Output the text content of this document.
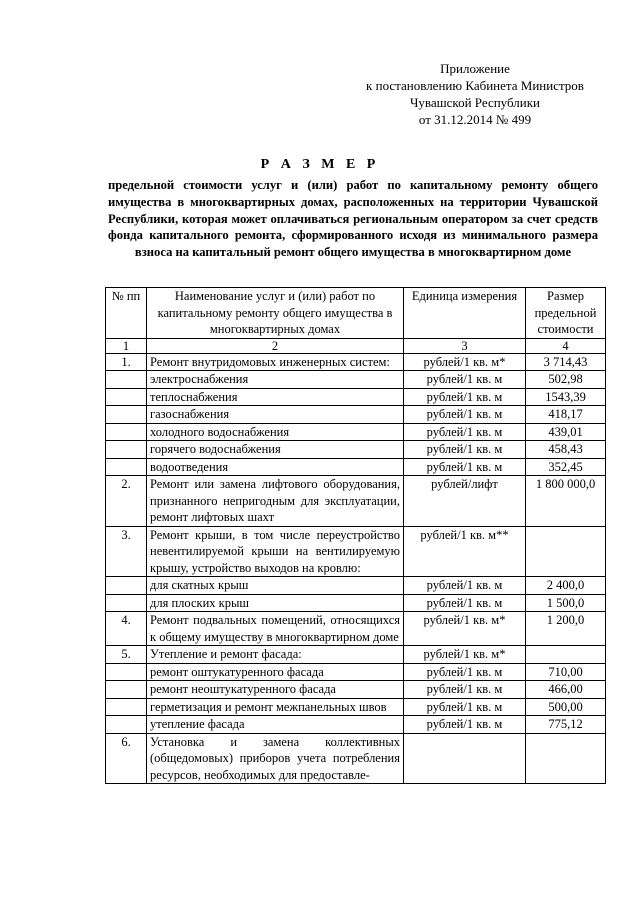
Приложение
к постановлению Кабинета Министров
Чувашской Республики
от 31.12.2014 № 499
Р А З М Е Р
предельной стоимости услуг и (или) работ по капитальному ремонту общего имущества в многоквартирных домах, расположенных на территории Чувашской Республики, которая может оплачиваться региональным оператором за счет средств фонда капитального ремонта, сформированного исходя из минимального размера взноса на капитальный ремонт общего имущества в многоквартирном доме
№ пп	Наименование услуг и (или) работ по капитальному ремонту общего имущества в многоквартирных домах	Единица измерения	Размер предельной стоимости
1	2	3	4
1.	Ремонт внутридомовых инженерных систем:	рублей/1 кв. м*	3 714,43
	электроснабжения	рублей/1 кв. м	502,98
	теплоснабжения	рублей/1 кв. м	1543,39
	газоснабжения	рублей/1 кв. м	418,17
	холодного водоснабжения	рублей/1 кв. м	439,01
	горячего водоснабжения	рублей/1 кв. м	458,43
	водоотведения	рублей/1 кв. м	352,45
2.	Ремонт или замена лифтового оборудования, признанного непригодным для эксплуатации, ремонт лифтовых шахт	рублей/лифт	1 800 000,0
3.	Ремонт крыши, в том числе переустройство невентилируемой крыши на вентилируемую крышу, устройство выходов на кровлю:	рублей/1 кв. м**	
	для скатных крыш	рублей/1 кв. м	2 400,0
	для плоских крыш	рублей/1 кв. м	1 500,0
4.	Ремонт подвальных помещений, относящихся к общему имуществу в многоквартирном доме	рублей/1 кв. м*	1 200,0
5.	Утепление и ремонт фасада:	рублей/1 кв. м*	
	ремонт оштукатуренного фасада	рублей/1 кв. м	710,00
	ремонт неоштукатуренного фасада	рублей/1 кв. м	466,00
	герметизация и ремонт межпанельных швов	рублей/1 кв. м	500,00
	утепление фасада	рублей/1 кв. м	775,12
6.	Установка и замена коллективных (общедомовых) приборов учета потребления ресурсов, необходимых для предоставле-		
